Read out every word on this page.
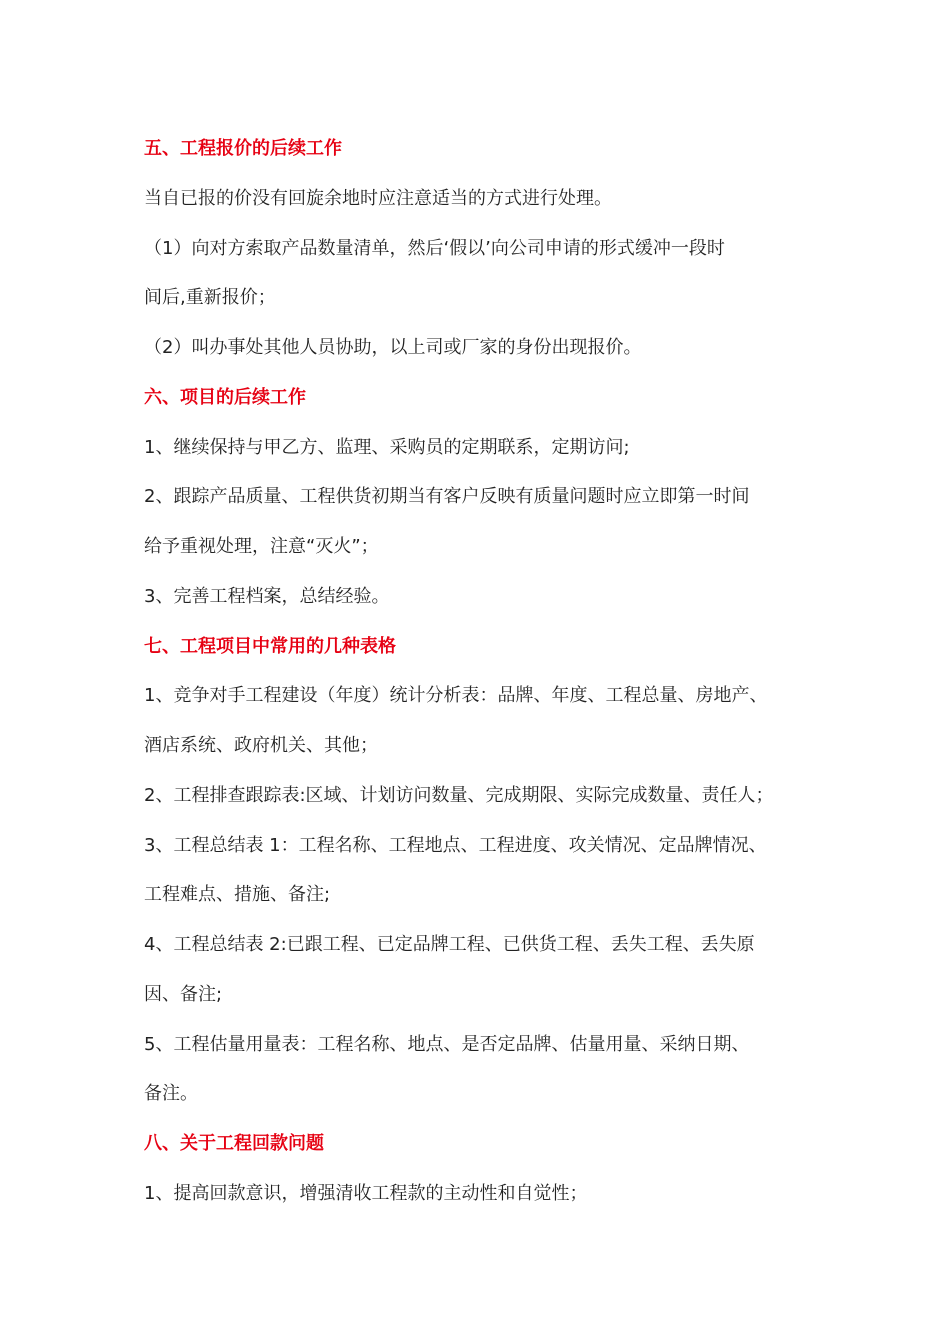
五、工程报价的后续工作
当自已报的价没有回旋余地时应注意适当的方式进行处理。
（1）向对方索取产品数量清单，然后‘假以’向公司申请的形式缓冲一段时
间后,重新报价；
（2）叫办事处其他人员协助，以上司或厂家的身份出现报价。
六、项目的后续工作
1、继续保持与甲乙方、监理、采购员的定期联系，定期访问;
2、跟踪产品质量、工程供货初期当有客户反映有质量问题时应立即第一时间
给予重视处理，注意“灭火”；
3、完善工程档案，总结经验。
七、工程项目中常用的几种表格
1、竞争对手工程建设（年度）统计分析表：品牌、年度、工程总量、房地产、
酒店系统、政府机关、其他；
2、工程排查跟踪表:区域、计划访问数量、完成期限、实际完成数量、责任人；
3、工程总结表 1：工程名称、工程地点、工程进度、攻关情况、定品牌情况、
工程难点、措施、备注;
4、工程总结表 2:已跟工程、已定品牌工程、已供货工程、丢失工程、丢失原
因、备注;
5、工程估量用量表：工程名称、地点、是否定品牌、估量用量、采纳日期、
备注。
八、关于工程回款问题
1、提高回款意识，增强清收工程款的主动性和自觉性；
